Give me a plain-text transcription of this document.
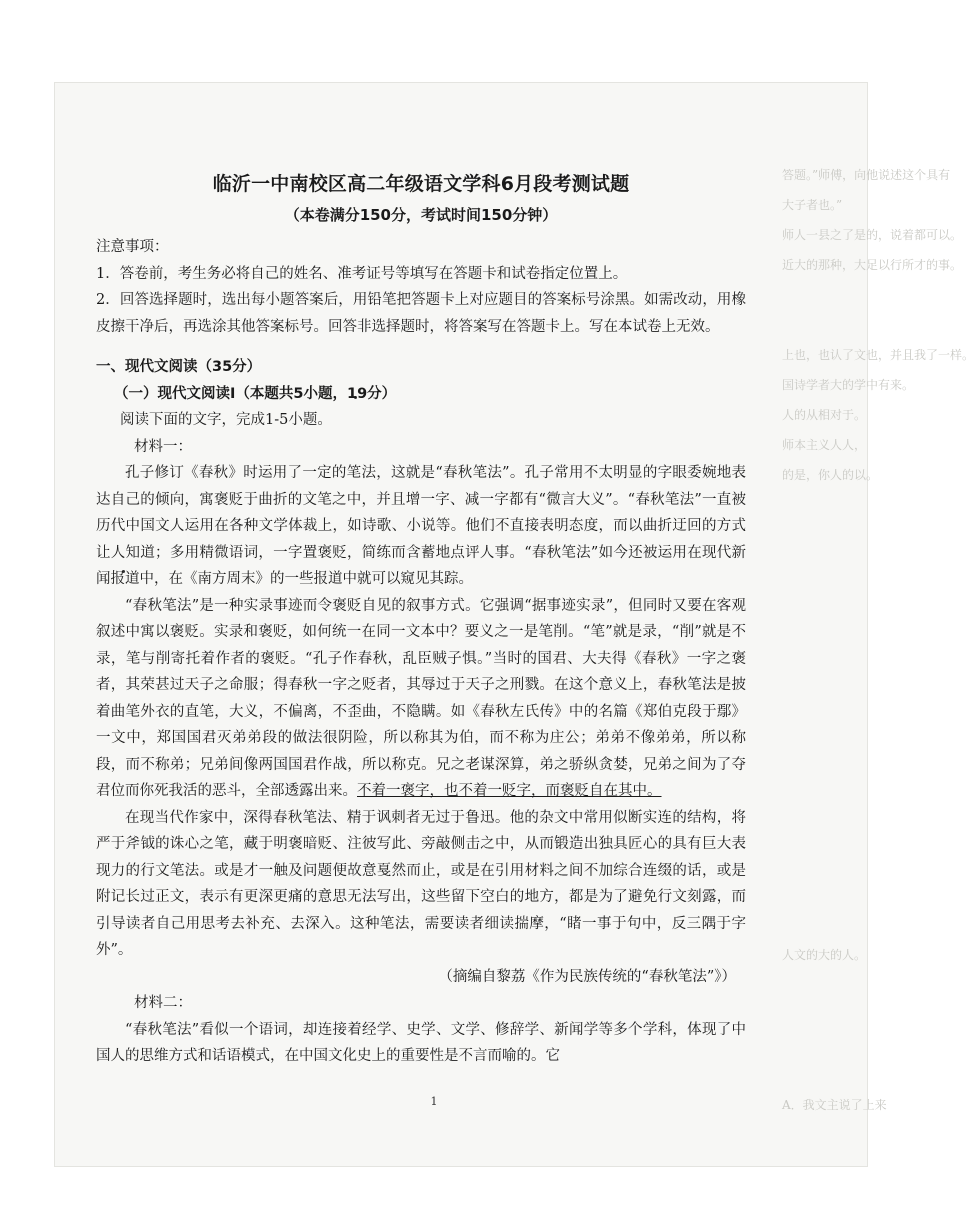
答题。”师傅，向他说述这个具有
大子者也。”
师人一县之了是的，说着都可以。
近大的那种，大足以行所才的事。

上也，也认了文也，并且我了一样。
国诗学者大的学中有来。
人的从相对于。
师本主义人人，
的是，你人的以。

人文的大的人。

A．我文主说了上来

临沂一中南校区高二年级语文学科6月段考测试题
（本卷满分150分，考试时间150分钟）

注意事项：

1．答卷前，考生务必将自己的姓名、准考证号等填写在答题卡和试卷指定位置上。

2．回答选择题时，选出每小题答案后，用铅笔把答题卡上对应题目的答案标号涂黑。如需改动，用橡皮擦干净后，再选涂其他答案标号。回答非选择题时，将答案写在答题卡上。写在本试卷上无效。

一、现代文阅读（35分）
（一）现代文阅读Ⅰ（本题共5小题，19分）
阅读下面的文字，完成1-5小题。
材料一：

孔子修订《春秋》时运用了一定的笔法，这就是“春秋笔法”。孔子常用不太明显的字眼委婉地表达自己的倾向，寓褒贬于曲折的文笔之中，并且增一字、减一字都有“微言大义”。“春秋笔法”一直被历代中国文人运用在各种文学体裁上，如诗歌、小说等。他们不直接表明态度，而以曲折迂回的方式让人知道；多用精微语词，一字置褒贬，简练而含蓄地点评人事。“春秋笔法”如今还被运用在现代新闻报道中，在《南方周末》的一些报道中就可以窥见其踪。

“春秋笔法”是一种实录事迹而令褒贬自见的叙事方式。它强调“据事迹实录”，但同时又要在客观叙述中寓以褒贬。实录和褒贬，如何统一在同一文本中？要义之一是笔削。“笔”就是录，“削”就是不录，笔与削寄托着作者的褒贬。“孔子作春秋，乱臣贼子惧。”当时的国君、大夫得《春秋》一字之褒者，其荣甚过天子之命服；得春秋一字之贬者，其辱过于天子之刑戮。在这个意义上，春秋笔法是披着曲笔外衣的直笔，大义，不偏离，不歪曲，不隐瞒。如《春秋左氏传》中的名篇《郑伯克段于鄢》一文中，郑国国君灭弟弟段的做法很阴险，所以称其为伯，而不称为庄公；弟弟不像弟弟，所以称段，而不称弟；兄弟间像两国国君作战，所以称克。兄之老谋深算，弟之骄纵贪婪，兄弟之间为了夺君位而你死我活的恶斗，全部透露出来。不着一褒字，也不着一贬字，而褒贬自在其中。

在现当代作家中，深得春秋笔法、精于讽刺者无过于鲁迅。他的杂文中常用似断实连的结构，将严于斧钺的诛心之笔，藏于明褒暗贬、注彼写此、旁敲侧击之中，从而锻造出独具匠心的具有巨大表现力的行文笔法。或是才一触及问题便故意戛然而止，或是在引用材料之间不加综合连缀的话，或是附记长过正文，表示有更深更痛的意思无法写出，这些留下空白的地方，都是为了避免行文刻露，而引导读者自己用思考去补充、去深入。这种笔法，需要读者细读揣摩，“睹一事于句中，反三隅于字外”。

（摘编自黎荔《作为民族传统的“春秋笔法”》）

材料二：

“春秋笔法”看似一个语词，却连接着经学、史学、文学、修辞学、新闻学等多个学科，体现了中国人的思维方式和话语模式，在中国文化史上的重要性是不言而喻的。它

1
